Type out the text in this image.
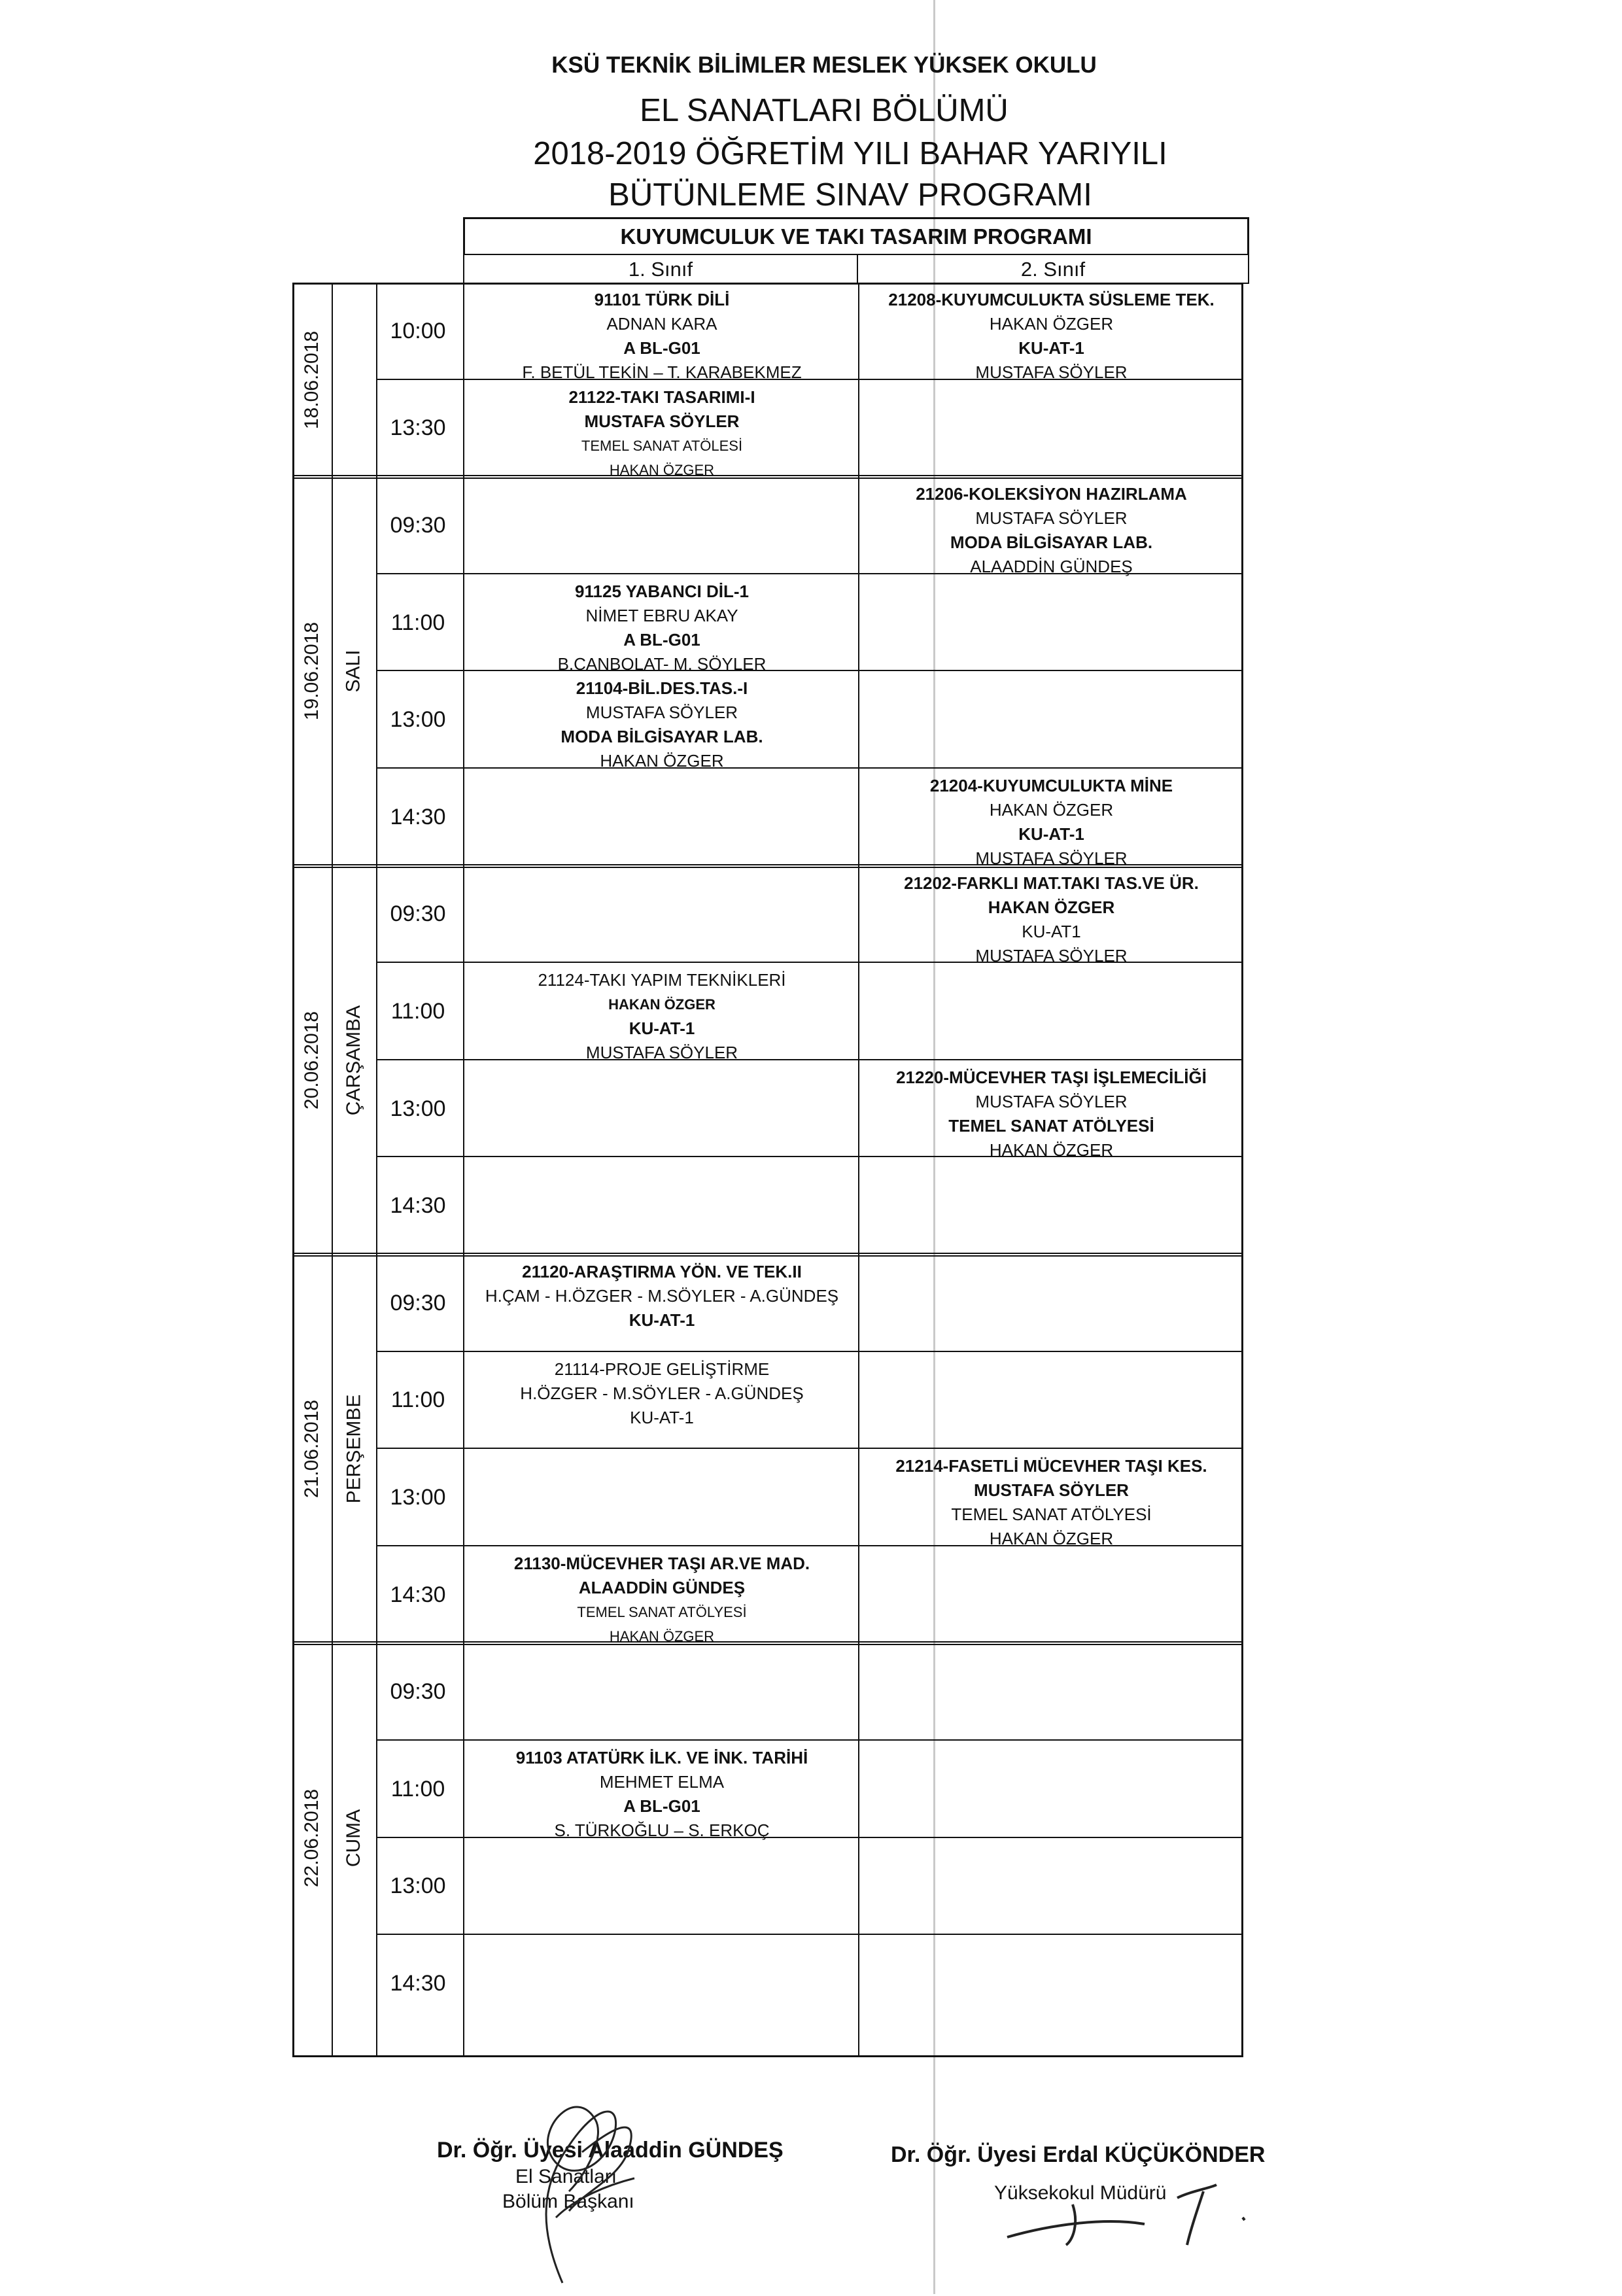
KSÜ TEKNİK BİLİMLER MESLEK YÜKSEK OKULU
EL SANATLARI BÖLÜMÜ
2018-2019 ÖĞRETİM YILI BAHAR YARIYILI
BÜTÜNLEME SINAV PROGRAMI
KUYUMCULUK VE TAKI TASARIM PROGRAMI
1. Sınıf	2. Sınıf
18.06.2018	10:00
91101 TÜRK DİLİ
ADNAN KARA
A BL-G01
F. BETÜL TEKİN – T. KARABEKMEZ
21208-KUYUMCULUKTA SÜSLEME TEK.
HAKAN ÖZGER
KU-AT-1
MUSTAFA SÖYLER
13:30
21122-TAKI TASARIMI-I
MUSTAFA SÖYLER
TEMEL SANAT ATÖLESİ
HAKAN ÖZGER
19.06.2018 SALI
09:30
21206-KOLEKSİYON HAZIRLAMA
MUSTAFA SÖYLER
MODA BİLGİSAYAR LAB.
ALAADDİN GÜNDEŞ
11:00
91125 YABANCI DİL-1
NİMET EBRU AKAY
A BL-G01
B.CANBOLAT- M. SÖYLER
13:00
21104-BİL.DES.TAS.-I
MUSTAFA SÖYLER
MODA BİLGİSAYAR LAB.
HAKAN ÖZGER
14:30
21204-KUYUMCULUKTA MİNE
HAKAN ÖZGER
KU-AT-1
MUSTAFA SÖYLER
20.06.2018 ÇARŞAMBA
09:30
21202-FARKLI MAT.TAKI TAS.VE ÜR.
HAKAN ÖZGER
KU-AT1
MUSTAFA SÖYLER
11:00
21124-TAKI YAPIM TEKNİKLERİ
HAKAN ÖZGER
KU-AT-1
MUSTAFA SÖYLER
13:00
21220-MÜCEVHER TAŞI İŞLEMECİLİĞİ
MUSTAFA SÖYLER
TEMEL SANAT ATÖLYESİ
HAKAN ÖZGER
14:30
21.06.2018 PERŞEMBE
09:30
21120-ARAŞTIRMA YÖN. VE TEK.II
H.ÇAM - H.ÖZGER - M.SÖYLER - A.GÜNDEŞ
KU-AT-1
11:00
21114-PROJE GELİŞTİRME
H.ÖZGER - M.SÖYLER - A.GÜNDEŞ
KU-AT-1
13:00
21214-FASETLİ MÜCEVHER TAŞI KES.
MUSTAFA SÖYLER
TEMEL SANAT ATÖLYESİ
HAKAN ÖZGER
14:30
21130-MÜCEVHER TAŞI AR.VE MAD.
ALAADDİN GÜNDEŞ
TEMEL SANAT ATÖLYESİ
HAKAN ÖZGER
22.06.2018 CUMA
09:30
11:00
91103 ATATÜRK İLK. VE İNK. TARİHİ
MEHMET ELMA
A BL-G01
S. TÜRKOĞLU – S. ERKOÇ
13:00
14:30
Dr. Öğr. Üyesi Alaaddin GÜNDEŞ
El Sanatları
Bölüm Başkanı
Dr. Öğr. Üyesi Erdal KÜÇÜKÖNDER
Yüksekokul Müdürü
